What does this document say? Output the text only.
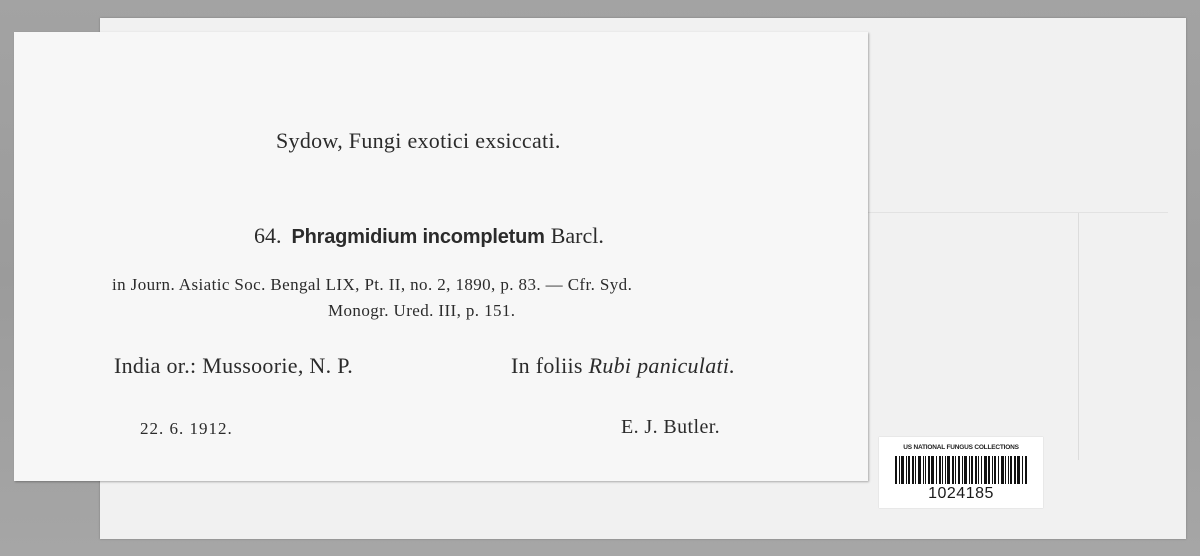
Sydow, Fungi exotici exsiccati.
64. Phragmidium incompletum Barcl.
in Journ. Asiatic Soc. Bengal LIX, Pt. II, no. 2, 1890, p. 83. — Cfr. Syd.
Monogr. Ured. III, p. 151.
India or.: Mussoorie, N. P.	In foliis Rubi paniculati.
22. 6. 1912.	E. J. Butler.
US NATIONAL FUNGUS COLLECTIONS
1024185
